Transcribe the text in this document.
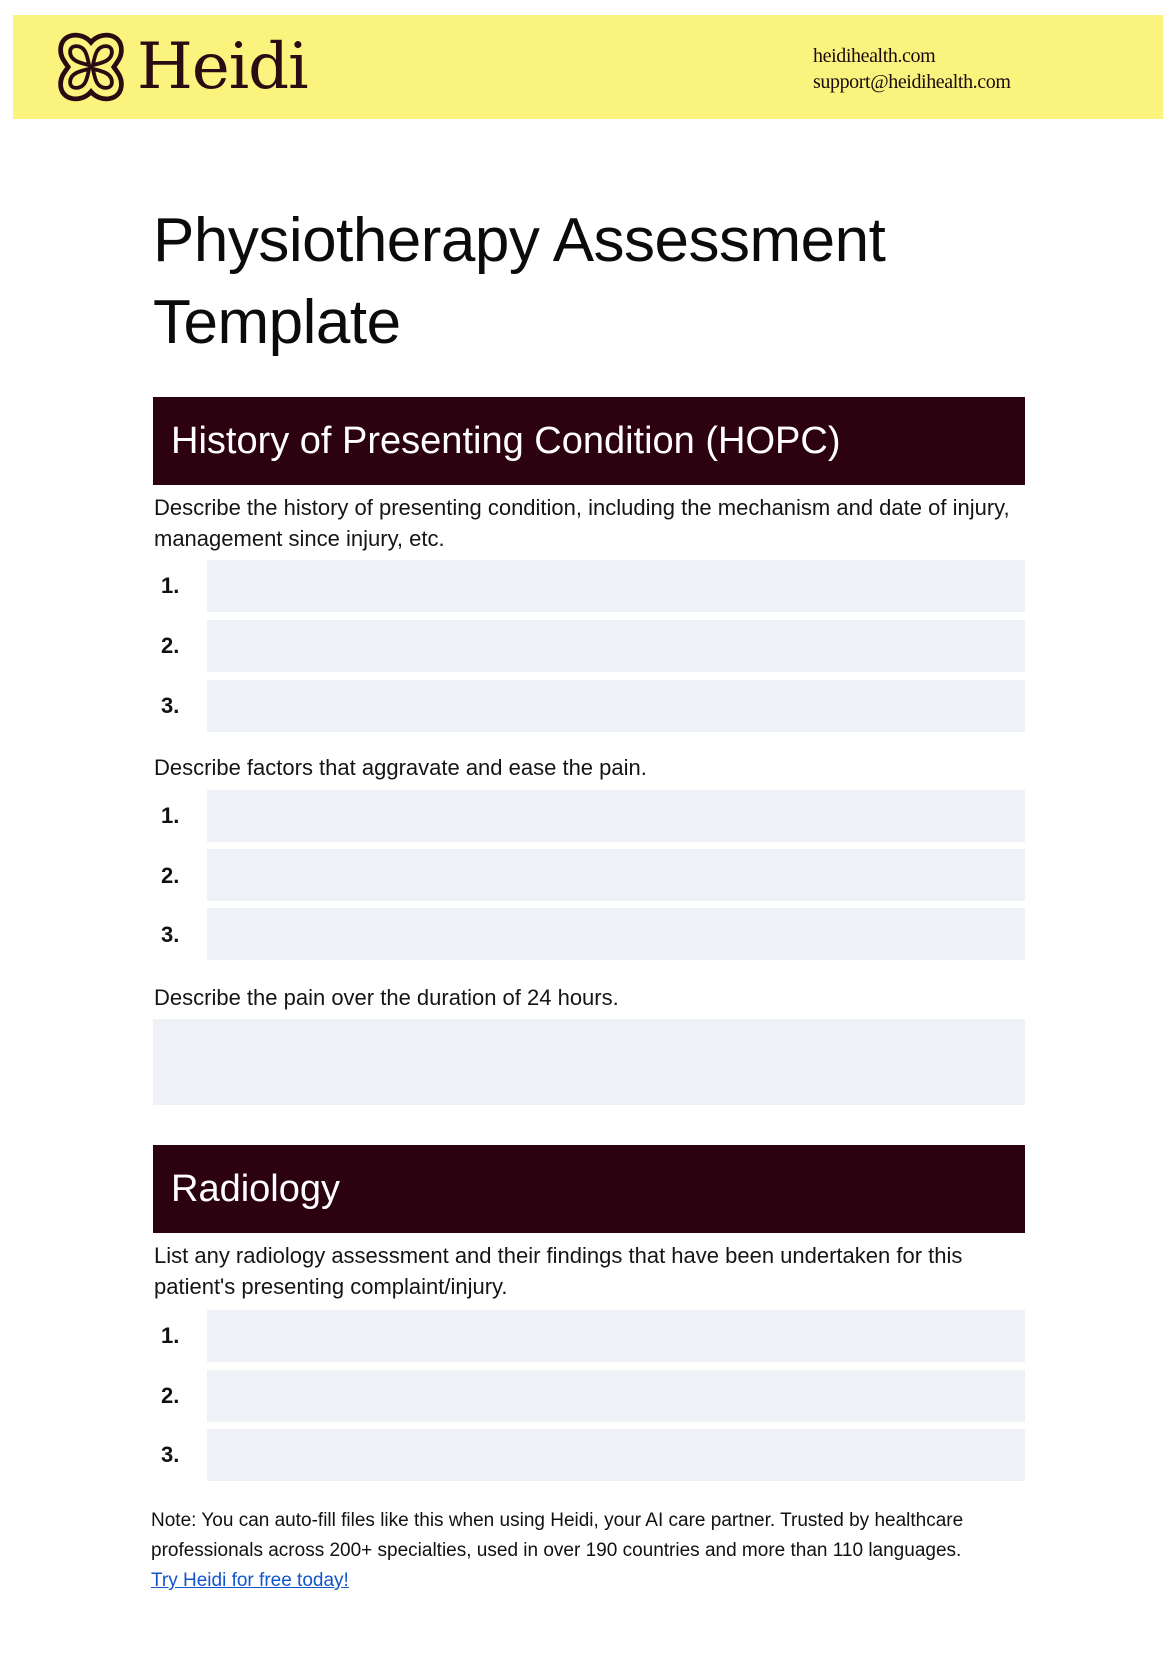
Heidi	heidihealth.com
support@heidihealth.com
Physiotherapy Assessment
Template
History of Presenting Condition (HOPC)
Describe the history of presenting condition, including the mechanism and date of injury, management since injury, etc.
1.
2.
3.
Describe factors that aggravate and ease the pain.
1.
2.
3.
Describe the pain over the duration of 24 hours.
Radiology
List any radiology assessment and their findings that have been undertaken for this patient's presenting complaint/injury.
1.
2.
3.
Note: You can auto-fill files like this when using Heidi, your AI care partner. Trusted by healthcare professionals across 200+ specialties, used in over 190 countries and more than 110 languages.
Try Heidi for free today!
